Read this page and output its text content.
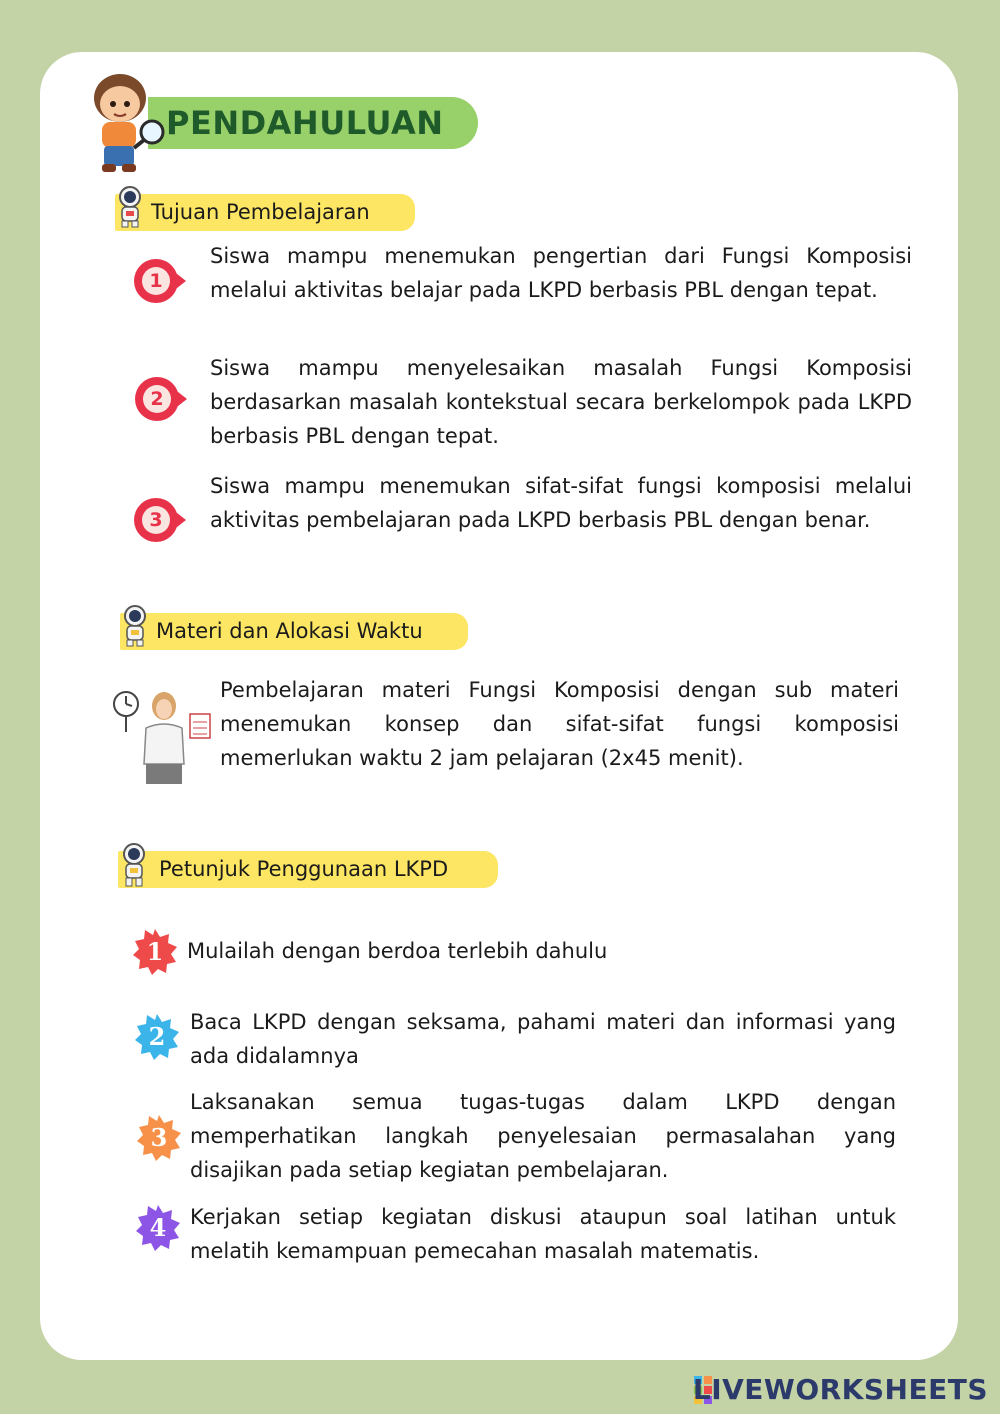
PENDAHULUAN
Tujuan Pembelajaran
1
Siswa mampu menemukan pengertian dari Fungsi Komposisi melalui aktivitas belajar pada LKPD berbasis PBL dengan tepat.
2
Siswa mampu menyelesaikan masalah Fungsi Komposisi berdasarkan masalah kontekstual secara berkelompok pada LKPD berbasis PBL dengan tepat.
3
Siswa mampu menemukan sifat-sifat fungsi komposisi melalui aktivitas pembelajaran pada LKPD berbasis PBL dengan benar.
Materi dan Alokasi Waktu
Pembelajaran materi Fungsi Komposisi dengan sub materi menemukan konsep dan sifat-sifat fungsi komposisi memerlukan waktu 2 jam pelajaran (2x45 menit).
Petunjuk Penggunaan LKPD
1	Mulailah dengan berdoa terlebih dahulu
2	Baca LKPD dengan seksama, pahami materi dan informasi yang ada didalamnya
3
Laksanakan semua tugas-tugas dalam LKPD dengan memperhatikan langkah penyelesaian permasalahan yang disajikan pada setiap kegiatan pembelajaran.
4	Kerjakan setiap kegiatan diskusi ataupun soal latihan untuk melatih kemampuan pemecahan masalah matematis.
LIVEWORKSHEETS
